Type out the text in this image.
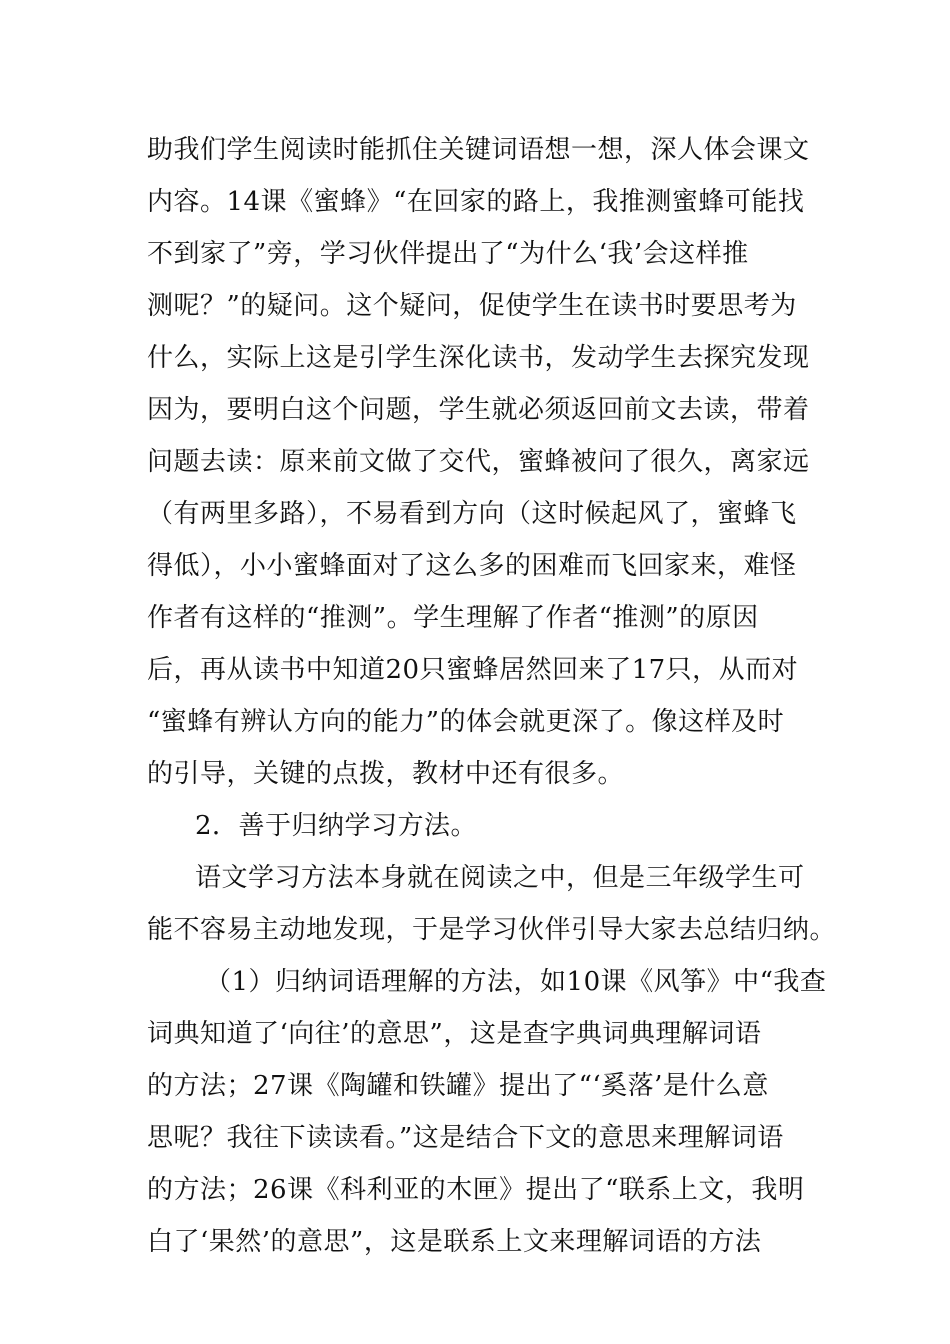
助我们学生阅读时能抓住关键词语想一想，深人体会课文
内容。14课《蜜蜂》“在回家的路上，我推测蜜蜂可能找
不到家了”旁，学习伙伴提出了“为什么‘我’会这样推
测呢？”的疑问。这个疑问，促使学生在读书时要思考为
什么，实际上这是引学生深化读书，发动学生去探究发现
因为，要明白这个问题，学生就必须返回前文去读，带着
问题去读：原来前文做了交代，蜜蜂被问了很久，离家远
（有两里多路），不易看到方向（这时候起风了，蜜蜂飞
得低），小小蜜蜂面对了这么多的困难而飞回家来，难怪
作者有这样的“推测”。学生理解了作者“推测”的原因
后，再从读书中知道20只蜜蜂居然回来了17只，从而对
“蜜蜂有辨认方向的能力”的体会就更深了。像这样及时
的引导，关键的点拨，教材中还有很多。
2．善于归纳学习方法。
语文学习方法本身就在阅读之中，但是三年级学生可
能不容易主动地发现，于是学习伙伴引导大家去总结归纳。
（1）归纳词语理解的方法，如10课《风筝》中“我查
词典知道了‘向往’的意思”，这是查字典词典理解词语
的方法；27课《陶罐和铁罐》提出了“‘奚落’是什么意
思呢？我往下读读看。”这是结合下文的意思来理解词语
的方法；26课《科利亚的木匣》提出了“联系上文，我明
白了‘果然’的意思”，这是联系上文来理解词语的方法
